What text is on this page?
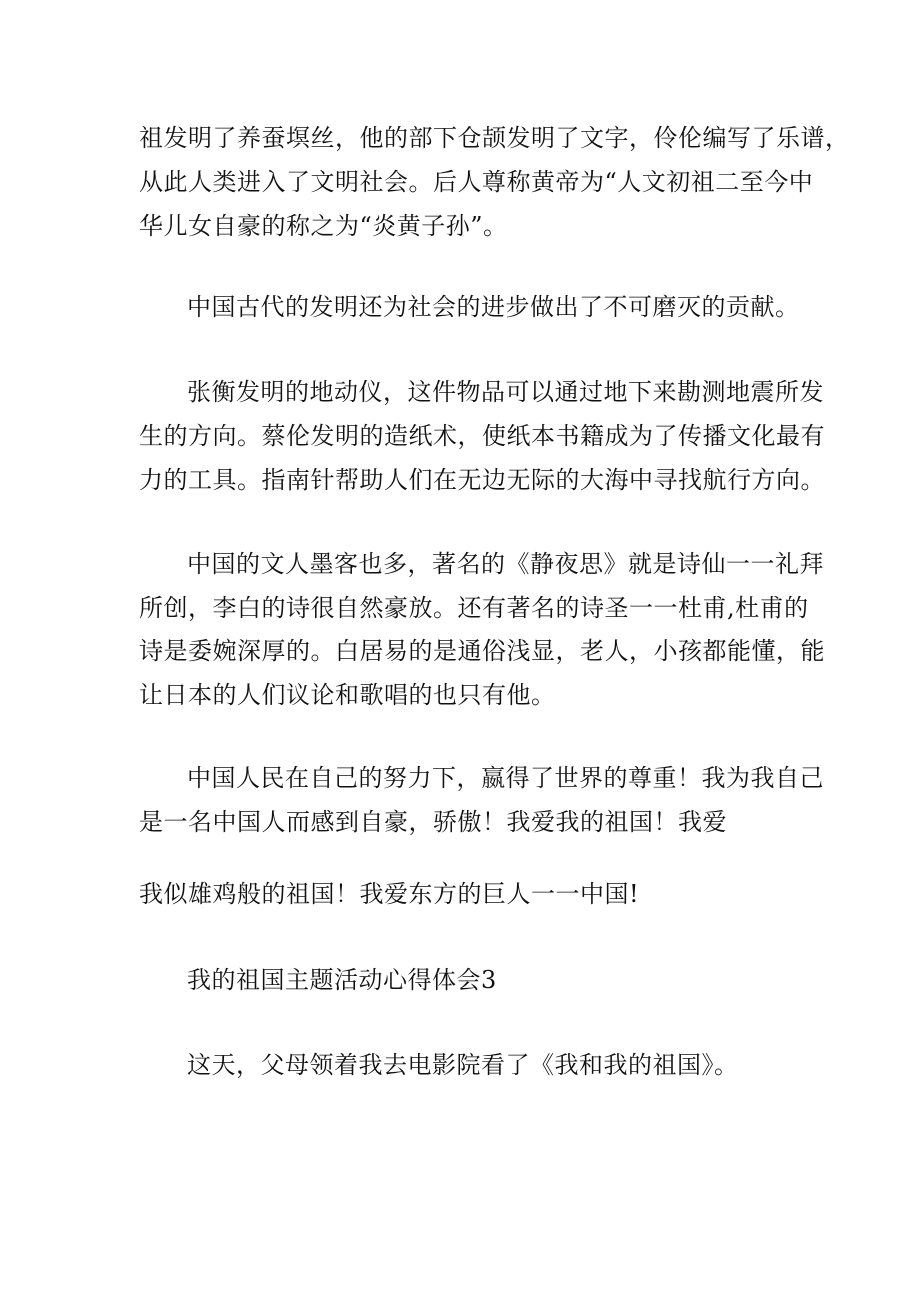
祖发明了养蚕塓丝，他的部下仓颉发明了文字，伶伦编写了乐谱，
从此人类进入了文明社会。后人尊称黄帝为“人文初祖二至今中
华儿女自豪的称之为“炎黄子孙”。
中国古代的发明还为社会的进步做出了不可磨灭的贡献。
张衡发明的地动仪，这件物品可以通过地下来勘测地震所发
生的方向。蔡伦发明的造纸术，使纸本书籍成为了传播文化最有
力的工具。指南针帮助人们在无边无际的大海中寻找航行方向。
中国的文人墨客也多，著名的《静夜思》就是诗仙一一礼拜
所创，李白的诗很自然豪放。还有著名的诗圣一一杜甫,杜甫的
诗是委婉深厚的。白居易的是通俗浅显，老人，小孩都能懂，能
让日本的人们议论和歌唱的也只有他。
中国人民在自己的努力下，嬴得了世界的尊重！我为我自己
是一名中国人而感到自豪，骄傲！我爱我的祖国！我爱
我似雄鸡般的祖国！我爱东方的巨人一一中国!
我的祖国主题活动心得体会3
这天，父母领着我去电影院看了《我和我的祖国》。
